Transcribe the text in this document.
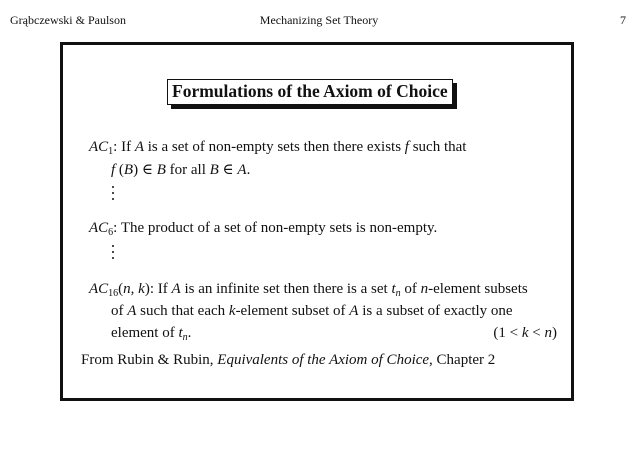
Grąbczewski & Paulson	Mechanizing Set Theory	7
Formulations of the Axiom of Choice
$AC_1$: If A is a set of non-empty sets then there exists f such that
f (B) ∈ B for all B ∈ A.
$AC_6$: The product of a set of non-empty sets is non-empty.
$AC_{16}(n$, k): If A is an infinite set then there is a set $t_n$ of n-element subsets
of A such that each k-element subset of A is a subset of exactly one
element of $t_n$.	(1 < k < n)
From Rubin & Rubin, Equivalents of the Axiom of Choice, Chapter 2
